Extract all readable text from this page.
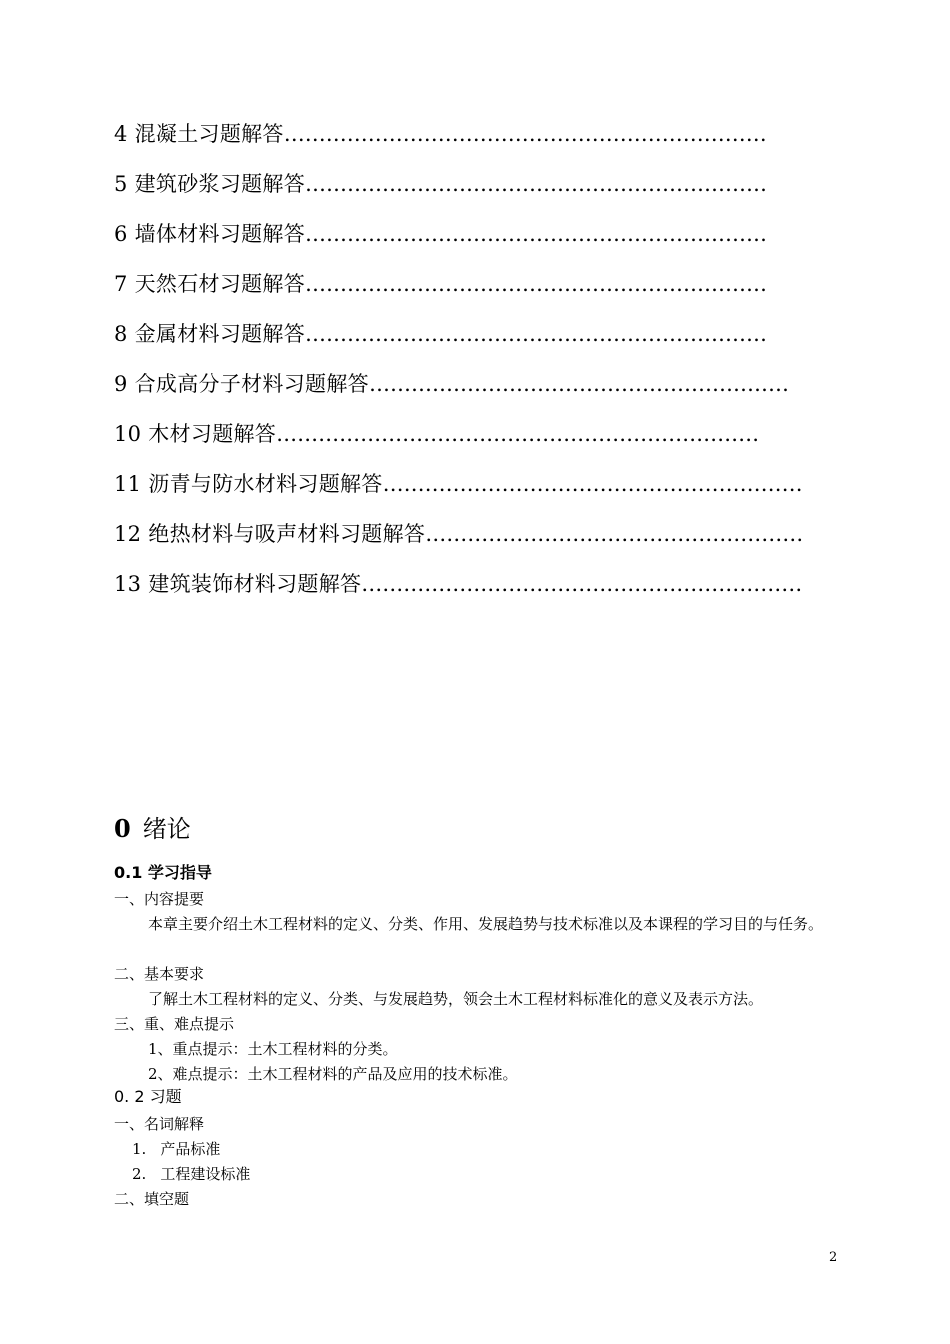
4 混凝土习题解答……………………………………………………………
5 建筑砂浆习题解答…………………………………………………………
6 墙体材料习题解答…………………………………………………………
7 天然石材习题解答…………………………………………………………
8 金属材料习题解答…………………………………………………………
9 合成高分子材料习题解答……………………………………………………
10 木材习题解答……………………………………………………………
11 沥青与防水材料习题解答……………………………………………………
12 绝热材料与吸声材料习题解答………………………………………………
13 建筑装饰材料习题解答………………………………………………………
0 绪论
0.1 学习指导
一、内容提要
本章主要介绍土木工程材料的定义、分类、作用、发展趋势与技术标准以及本课程的学习目的与任务。
二、基本要求
了解土木工程材料的定义、分类、与发展趋势，领会土木工程材料标准化的意义及表示方法。
三、重、难点提示
1、重点提示：土木工程材料的分类。
2、难点提示：土木工程材料的产品及应用的技术标准。
0. 2 习题
一、名词解释
1. 产品标准
2. 工程建设标准
二、填空题
2
